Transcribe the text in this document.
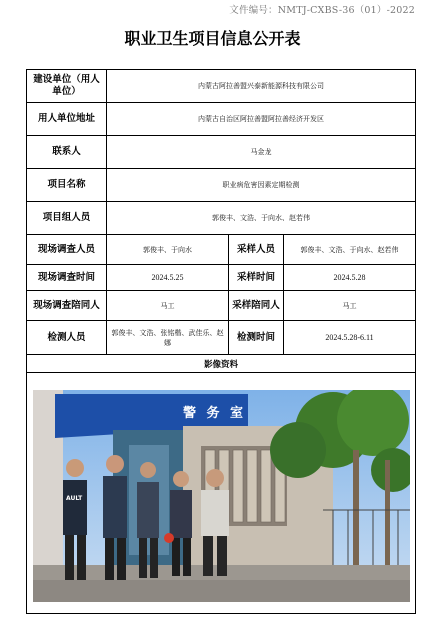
文件编号：NMTJ-CXBS-36（01）-2022
职业卫生项目信息公开表
建设单位（用人单位）	内蒙古阿拉善盟兴泰新能源科技有限公司		
用人单位地址	内蒙古自治区阿拉善盟阿拉善经济开发区		
联系人	马金龙		
项目名称	职业病危害因素定期检测		
项目组人员	郭俊丰、文浩、于向水、赵若伟		
现场调查人员	郭俊丰、于向水	采样人员	郭俊丰、文浩、于向水、赵若伟
现场调查时间	2024.5.25	采样时间	2024.5.28
现场调查陪同人	马工	采样陪同人	马工
检测人员	郭俊丰、文浩、张铭楷、武佳乐、赵娜	检测时间	2024.5.28-6.11
影像资料			

警 务 室
AULT			
